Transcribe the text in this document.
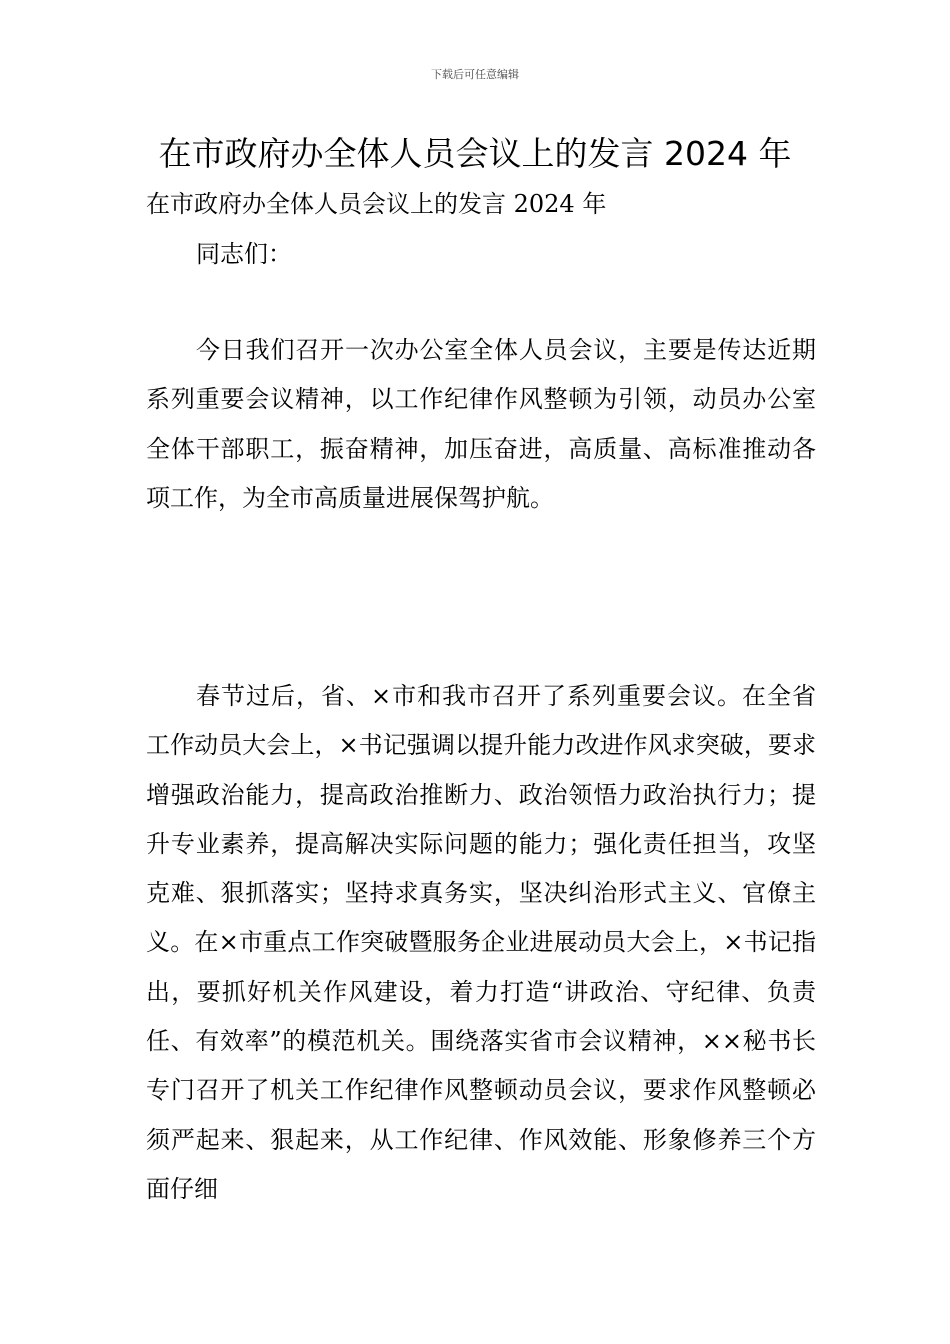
下载后可任意编辑
在市政府办全体人员会议上的发言 2024 年

在市政府办全体人员会议上的发言 2024 年

同志们：

今日我们召开一次办公室全体人员会议，主要是传达近期系列重要会议精神，以工作纪律作风整顿为引领，动员办公室全体干部职工，振奋精神，加压奋进，高质量、高标准推动各项工作，为全市高质量进展保驾护航。

春节过后，省、×市和我市召开了系列重要会议。在全省工作动员大会上，×书记强调以提升能力改进作风求突破，要求增强政治能力，提高政治推断力、政治领悟力政治执行力；提升专业素养，提高解决实际问题的能力；强化责任担当，攻坚克难、狠抓落实；坚持求真务实，坚决纠治形式主义、官僚主义。在×市重点工作突破暨服务企业进展动员大会上，×书记指出，要抓好机关作风建设，着力打造“讲政治、守纪律、负责任、有效率”的模范机关。围绕落实省市会议精神，××秘书长专门召开了机关工作纪律作风整顿动员会议，要求作风整顿必须严起来、狠起来，从工作纪律、作风效能、形象修养三个方面仔细
